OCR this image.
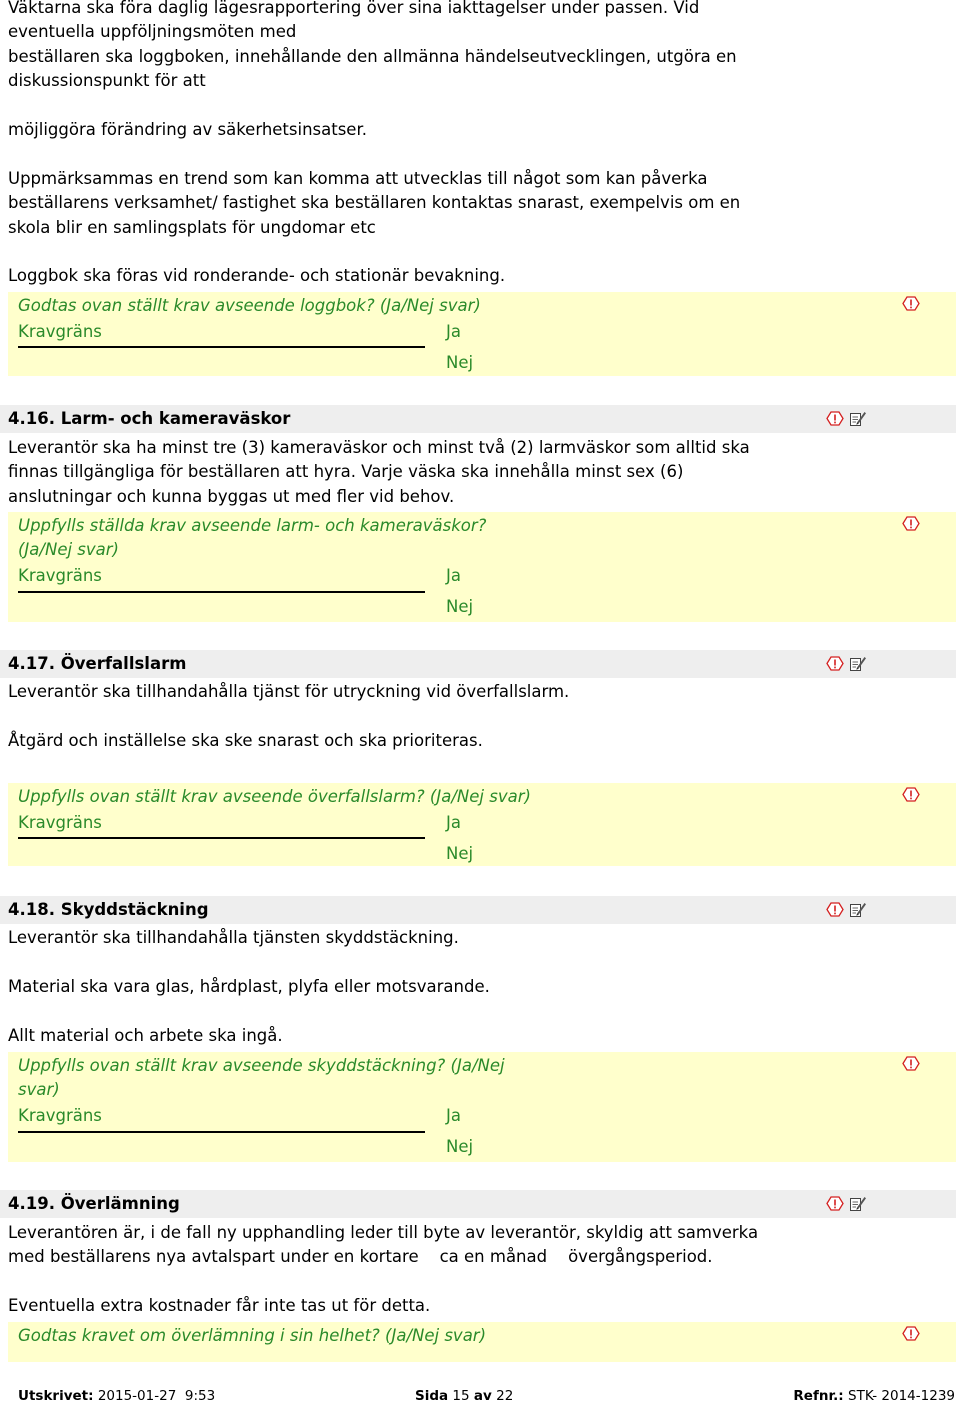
Väktarna ska föra daglig lägesrapportering över sina iakttagelser under passen. Vid
eventuella uppföljningsmöten med
beställaren ska loggboken, innehållande den allmänna händelseutvecklingen, utgöra en
diskussionspunkt för att
möjliggöra förändring av säkerhetsinsatser.
Uppmärksammas en trend som kan komma att utvecklas till något som kan påverka
beställarens verksamhet/ fastighet ska beställaren kontaktas snarast, exempelvis om en
skola blir en samlingsplats för ungdomar etc
Loggbok ska föras vid ronderande- och stationär bevakning.
Godtas ovan ställt krav avseende loggbok? (Ja/Nej svar)
Kravgräns	Ja
Nej
4.16. Larm- och kameraväskor
Leverantör ska ha minst tre (3) kameraväskor och minst två (2) larmväskor som alltid ska
finnas tillgängliga för beställaren att hyra. Varje väska ska innehålla minst sex (6)
anslutningar och kunna byggas ut med fler vid behov.
Uppfylls ställda krav avseende larm- och kameraväskor?
(Ja/Nej svar)
Kravgräns	Ja
Nej
4.17. Överfallslarm
Leverantör ska tillhandahålla tjänst för utryckning vid överfallslarm.
Åtgärd och inställelse ska ske snarast och ska prioriteras.
Uppfylls ovan ställt krav avseende överfallslarm? (Ja/Nej svar)
Kravgräns	Ja
Nej
4.18. Skyddstäckning
Leverantör ska tillhandahålla tjänsten skyddstäckning.
Material ska vara glas, hårdplast, plyfa eller motsvarande.
Allt material och arbete ska ingå.
Uppfylls ovan ställt krav avseende skyddstäckning? (Ja/Nej
svar)
Kravgräns	Ja
Nej
4.19. Överlämning
Leverantören är, i de fall ny upphandling leder till byte av leverantör, skyldig att samverka
med beställarens nya avtalspart under en kortare    ca en månad    övergångsperiod.
Eventuella extra kostnader får inte tas ut för detta.
Godtas kravet om överlämning i sin helhet? (Ja/Nej svar)
Utskrivet: 2015-01-27  9:53	Sida 15 av 22	Refnr.: STK- 2014-1239
